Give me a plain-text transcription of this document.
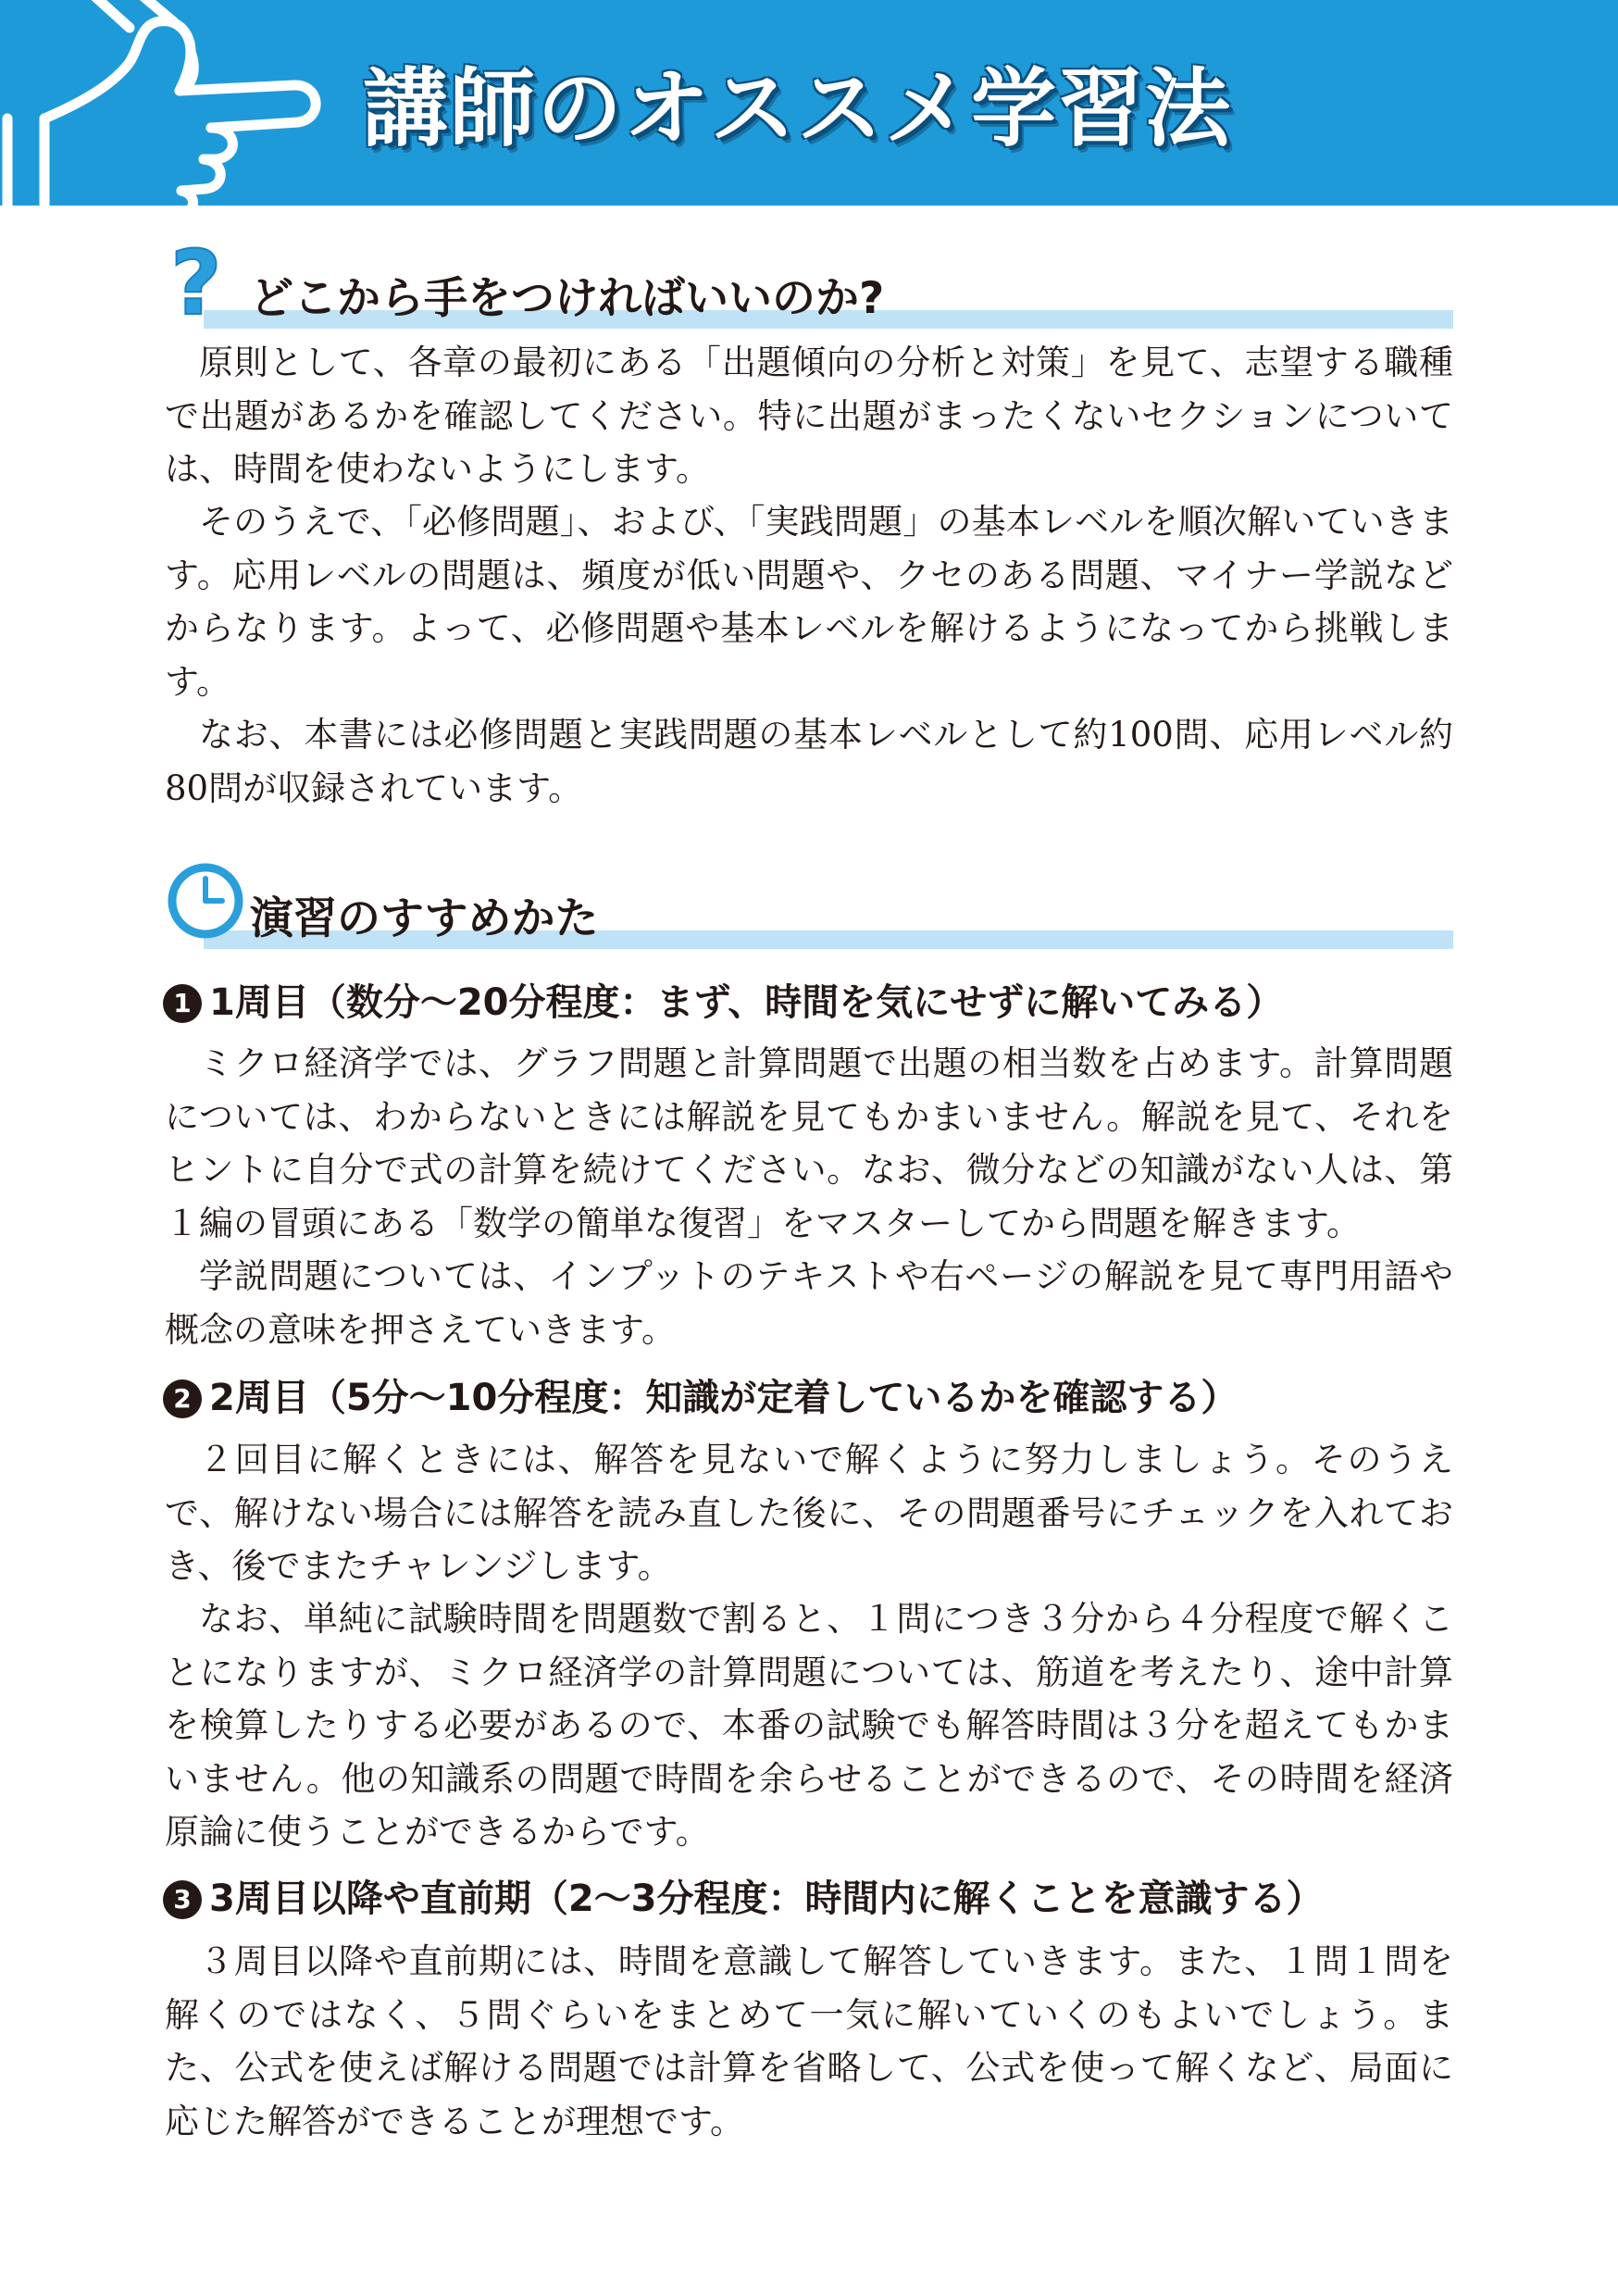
講師のオススメ学習法
? どこから手をつければいいのか?

原則として、各章の最初にある「出題傾向の分析と対策」を見て、志望する職種で出題があるかを確認してください。特に出題がまったくないセクションについては、時間を使わないようにします。

そのうえで、「必修問題」、および、「実践問題」の基本レベルを順次解いていきます。応用レベルの問題は、頻度が低い問題や、クセのある問題、マイナー学説などからなります。よって、必修問題や基本レベルを解けるようになってから挑戦します。

なお、本書には必修問題と実践問題の基本レベルとして約100問、応用レベル約80問が収録されています。

演習のすすめかた
1 1周目（数分～20分程度：まず、時間を気にせずに解いてみる）

ミクロ経済学では、グラフ問題と計算問題で出題の相当数を占めます。計算問題については、わからないときには解説を見てもかまいません。解説を見て、それをヒントに自分で式の計算を続けてください。なお、微分などの知識がない人は、第１編の冒頭にある「数学の簡単な復習」をマスターしてから問題を解きます。

学説問題については、インプットのテキストや右ページの解説を見て専門用語や概念の意味を押さえていきます。

2 2周目（5分～10分程度：知識が定着しているかを確認する）

２回目に解くときには、解答を見ないで解くように努力しましょう。そのうえで、解けない場合には解答を読み直した後に、その問題番号にチェックを入れておき、後でまたチャレンジします。

なお、単純に試験時間を問題数で割ると、１問につき３分から４分程度で解くことになりますが、ミクロ経済学の計算問題については、筋道を考えたり、途中計算を検算したりする必要があるので、本番の試験でも解答時間は３分を超えてもかまいません。他の知識系の問題で時間を余らせることができるので、その時間を経済原論に使うことができるからです。

3 3周目以降や直前期（2～3分程度：時間内に解くことを意識する）

３周目以降や直前期には、時間を意識して解答していきます。また、１問１問を解くのではなく、５問ぐらいをまとめて一気に解いていくのもよいでしょう。また、公式を使えば解ける問題では計算を省略して、公式を使って解くなど、局面に応じた解答ができることが理想です。
